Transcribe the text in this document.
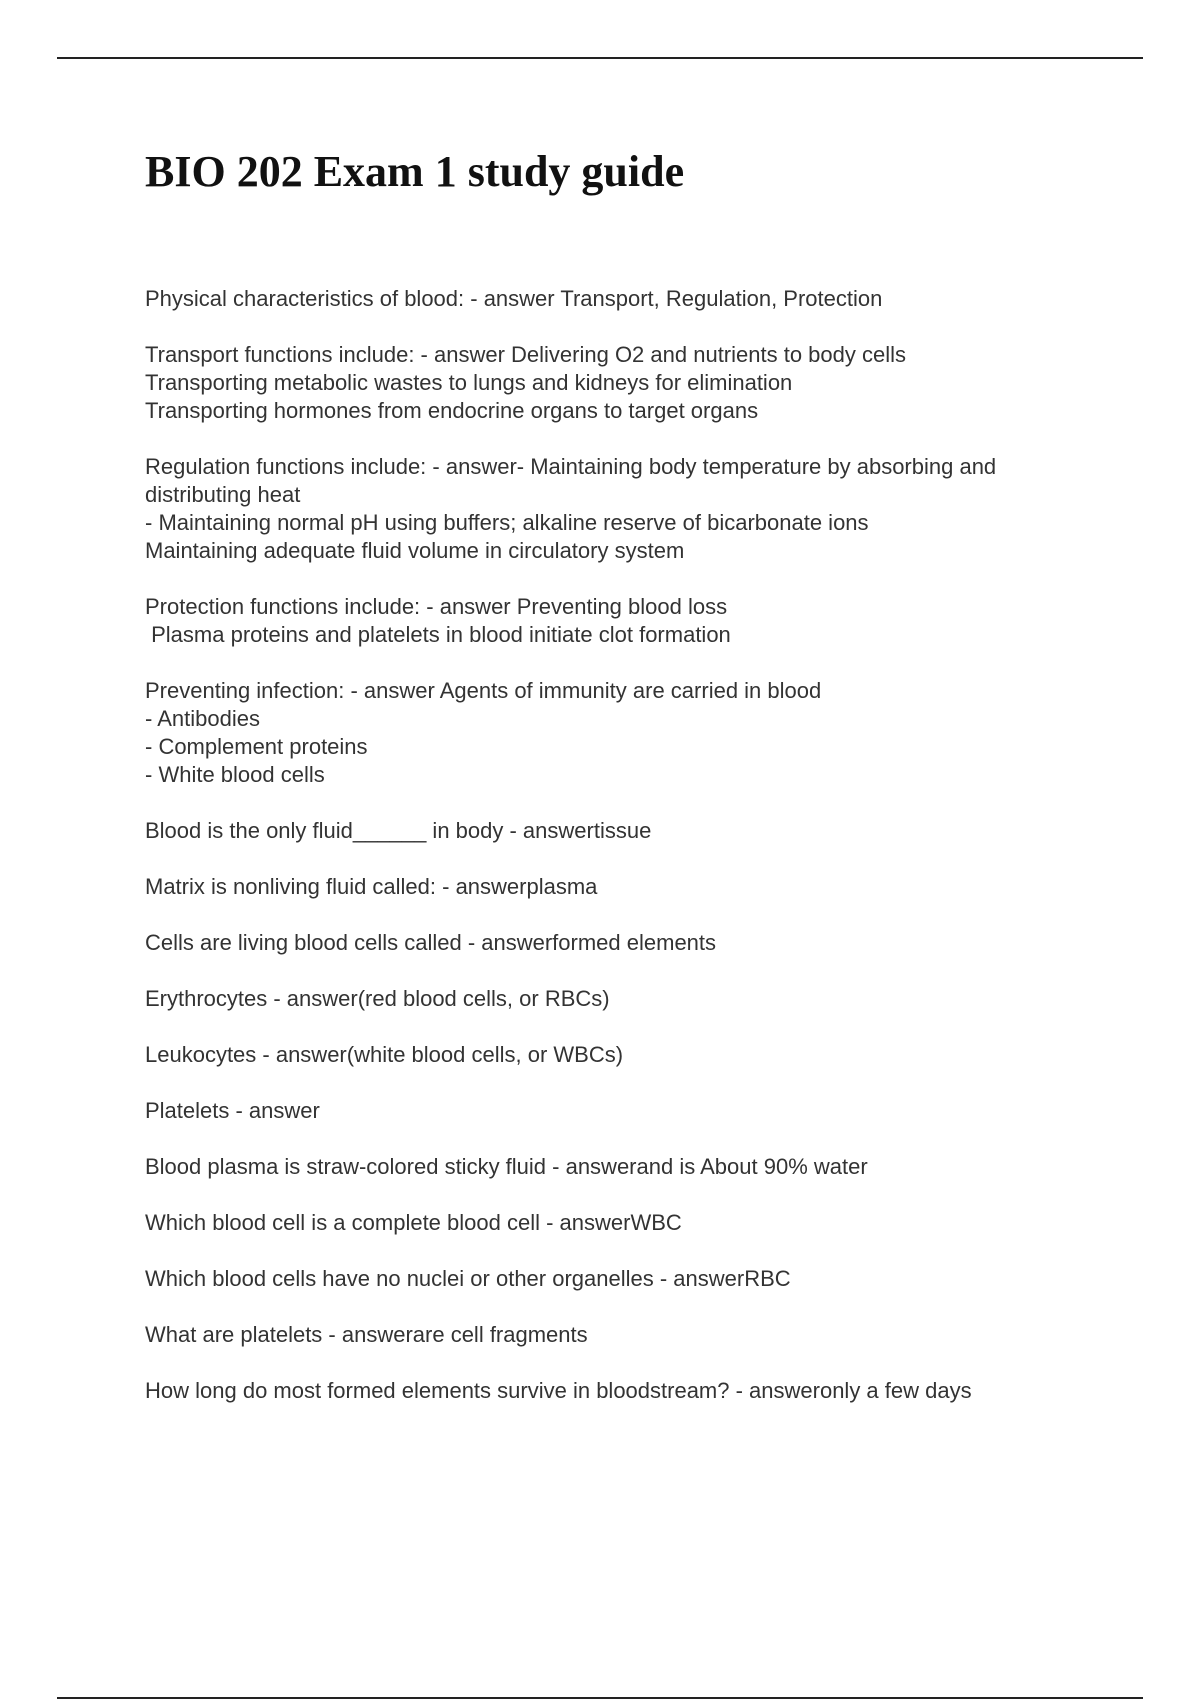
BIO 202 Exam 1 study guide

Physical characteristics of blood: - answer Transport, Regulation, Protection

Transport functions include: - answer Delivering O2 and nutrients to body cells
Transporting metabolic wastes to lungs and kidneys for elimination
Transporting hormones from endocrine organs to target organs

Regulation functions include: - answer- Maintaining body temperature by absorbing and distributing heat
- Maintaining normal pH using buffers; alkaline reserve of bicarbonate ions
Maintaining adequate fluid volume in circulatory system

Protection functions include: - answer Preventing blood loss
Plasma proteins and platelets in blood initiate clot formation

Preventing infection: - answer Agents of immunity are carried in blood
- Antibodies
- Complement proteins
- White blood cells

Blood is the only fluid______ in body - answertissue

Matrix is nonliving fluid called: - answerplasma

Cells are living blood cells called - answerformed elements

Erythrocytes - answer(red blood cells, or RBCs)

Leukocytes - answer(white blood cells, or WBCs)

Platelets - answer

Blood plasma is straw-colored sticky fluid - answerand is About 90% water

Which blood cell is a complete blood cell - answerWBC

Which blood cells have no nuclei or other organelles - answerRBC

What are platelets - answerare cell fragments

How long do most formed elements survive in bloodstream? - answeronly a few days
